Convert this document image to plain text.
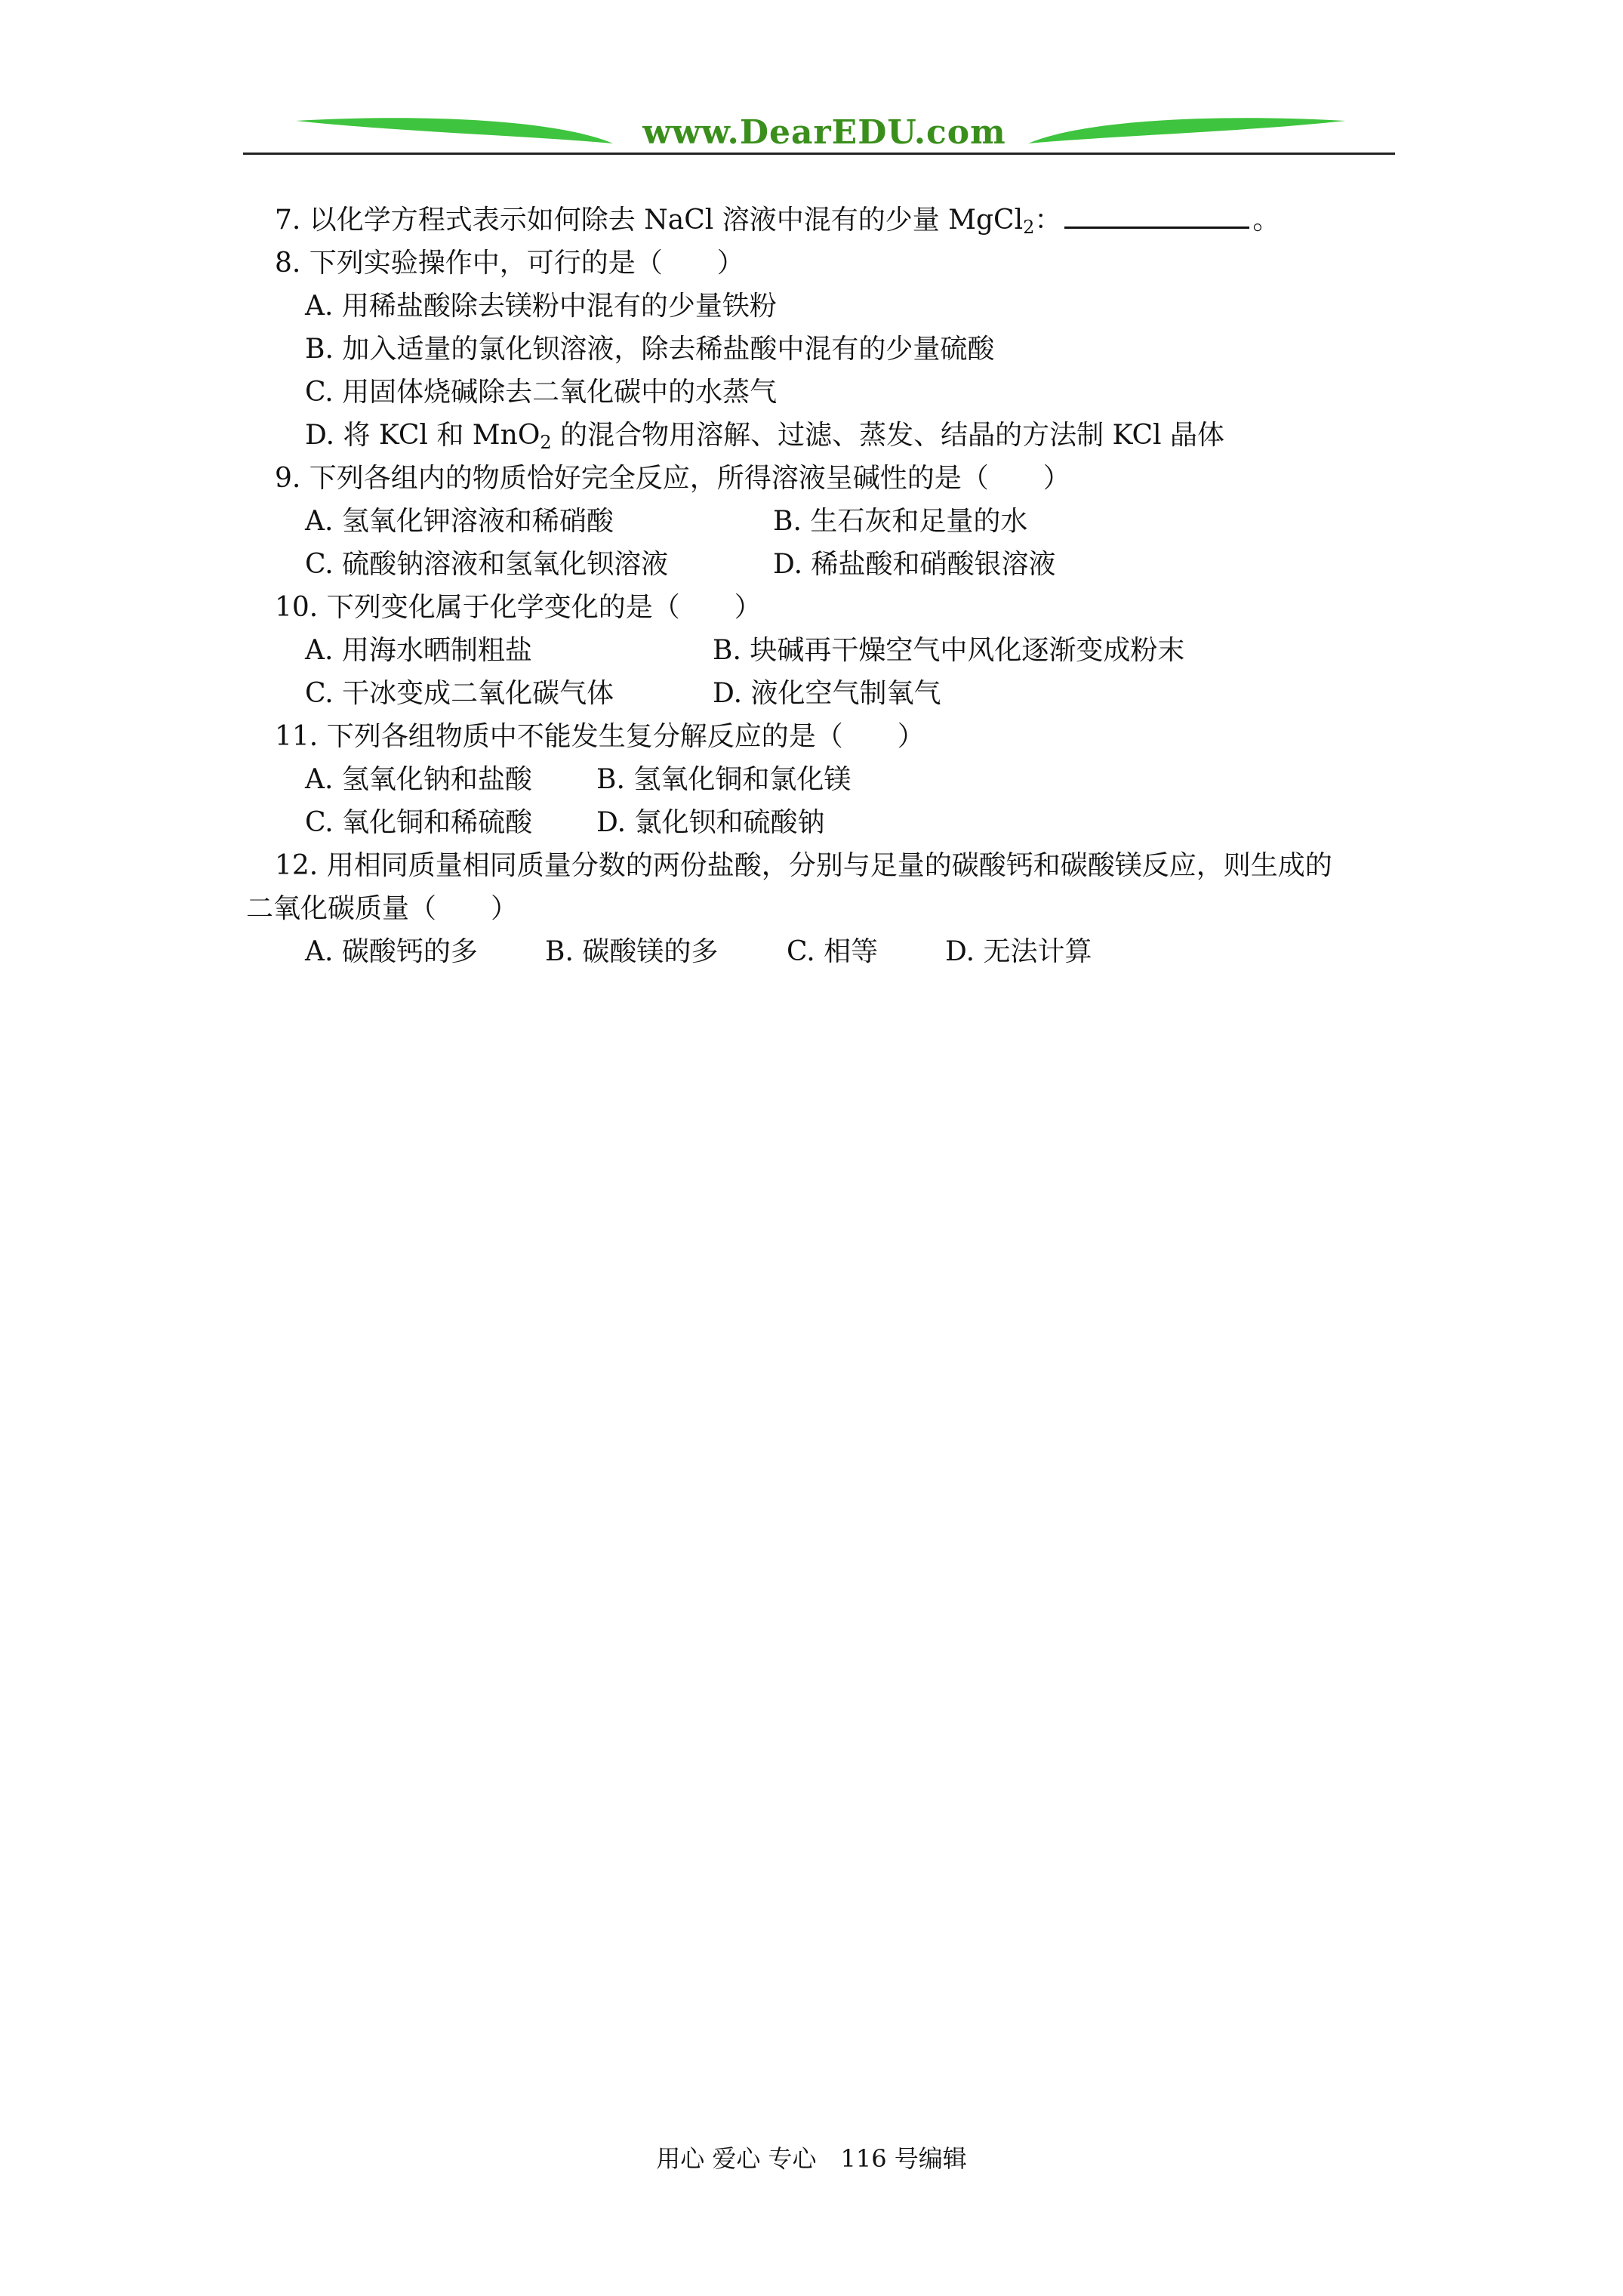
www.DearEDU.com
7. 以化学方程式表示如何除去 NaCl 溶液中混有的少量 MgCl$_2$：	。
8. 下列实验操作中，可行的是（　　）
A. 用稀盐酸除去镁粉中混有的少量铁粉
B. 加入适量的氯化钡溶液，除去稀盐酸中混有的少量硫酸
C. 用固体烧碱除去二氧化碳中的水蒸气
D. 将 KCl 和 MnO$_2$ 的混合物用溶解、过滤、蒸发、结晶的方法制 KCl 晶体
9. 下列各组内的物质恰好完全反应，所得溶液呈碱性的是（　　）
A. 氢氧化钾溶液和稀硝酸	B. 生石灰和足量的水
C. 硫酸钠溶液和氢氧化钡溶液	D. 稀盐酸和硝酸银溶液
10. 下列变化属于化学变化的是（　　）
A. 用海水晒制粗盐	B. 块碱再干燥空气中风化逐渐变成粉末
C. 干冰变成二氧化碳气体	D. 液化空气制氧气
11. 下列各组物质中不能发生复分解反应的是（　　）
A. 氢氧化钠和盐酸 B. 氢氧化铜和氯化镁
C. 氧化铜和稀硫酸 D. 氯化钡和硫酸钠
12. 用相同质量相同质量分数的两份盐酸，分别与足量的碳酸钙和碳酸镁反应，则生成的
二氧化碳质量（　　）
A. 碳酸钙的多 B. 碳酸镁的多	C. 相等 D. 无法计算
用心 爱心 专心　116 号编辑
